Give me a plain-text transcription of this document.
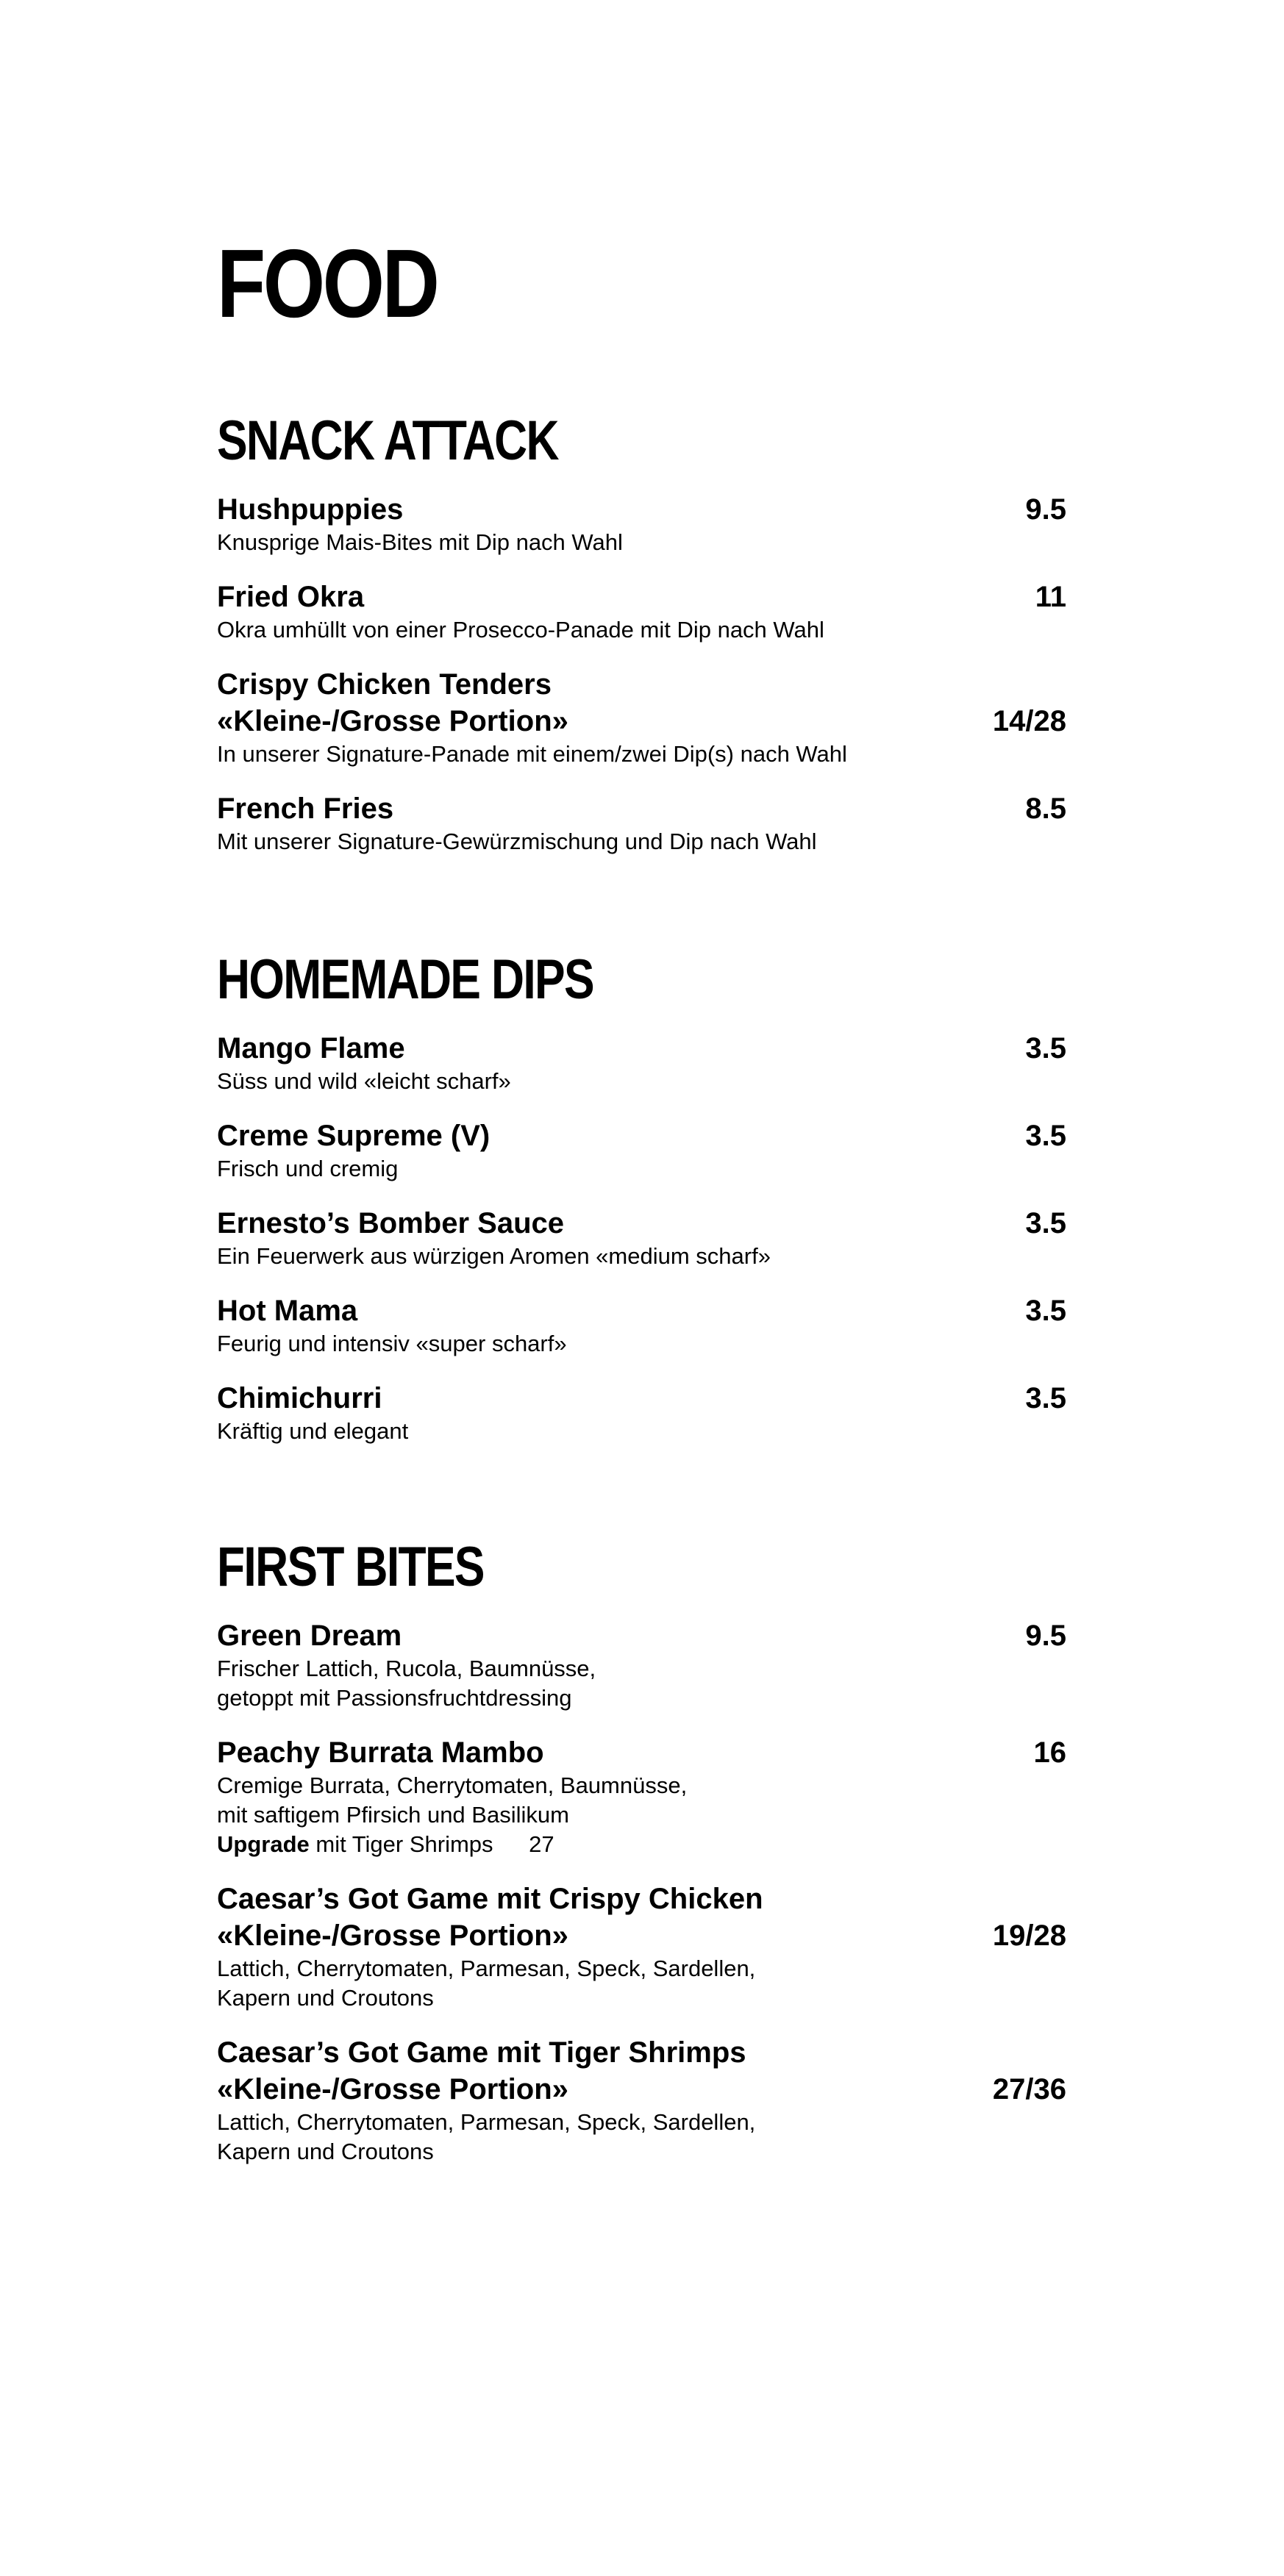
FOOD
SNACK ATTACK
9.5
Hushpuppies
Knusprige Mais-Bites mit Dip nach Wahl
11
Fried Okra
Okra umhüllt von einer Prosecco-Panade mit Dip nach Wahl
14/28
Crispy Chicken Tenders
«Kleine-/Grosse Portion»
In unserer Signature-Panade mit einem/zwei Dip(s) nach Wahl
8.5
French Fries
Mit unserer Signature-Gewürzmischung und Dip nach Wahl
HOMEMADE DIPS
3.5
Mango Flame
Süss und wild «leicht scharf»
3.5
Creme Supreme (V)
Frisch und cremig
3.5
Ernesto’s Bomber Sauce
Ein Feuerwerk aus würzigen Aromen «medium scharf»
3.5
Hot Mama
Feurig und intensiv «super scharf»
3.5
Chimichurri
Kräftig und elegant
FIRST BITES
9.5
Green Dream
Frischer Lattich, Rucola, Baumnüsse,
getoppt mit Passionsfruchtdressing
16
Peachy Burrata Mambo
Cremige Burrata, Cherrytomaten, Baumnüsse,
mit saftigem Pfirsich und Basilikum
Upgrade mit Tiger Shrimps 27
19/28
Caesar’s Got Game mit Crispy Chicken
«Kleine-/Grosse Portion»
Lattich, Cherrytomaten, Parmesan, Speck, Sardellen,
Kapern und Croutons
27/36
Caesar’s Got Game mit Tiger Shrimps
«Kleine-/Grosse Portion»
Lattich, Cherrytomaten, Parmesan, Speck, Sardellen,
Kapern und Croutons
